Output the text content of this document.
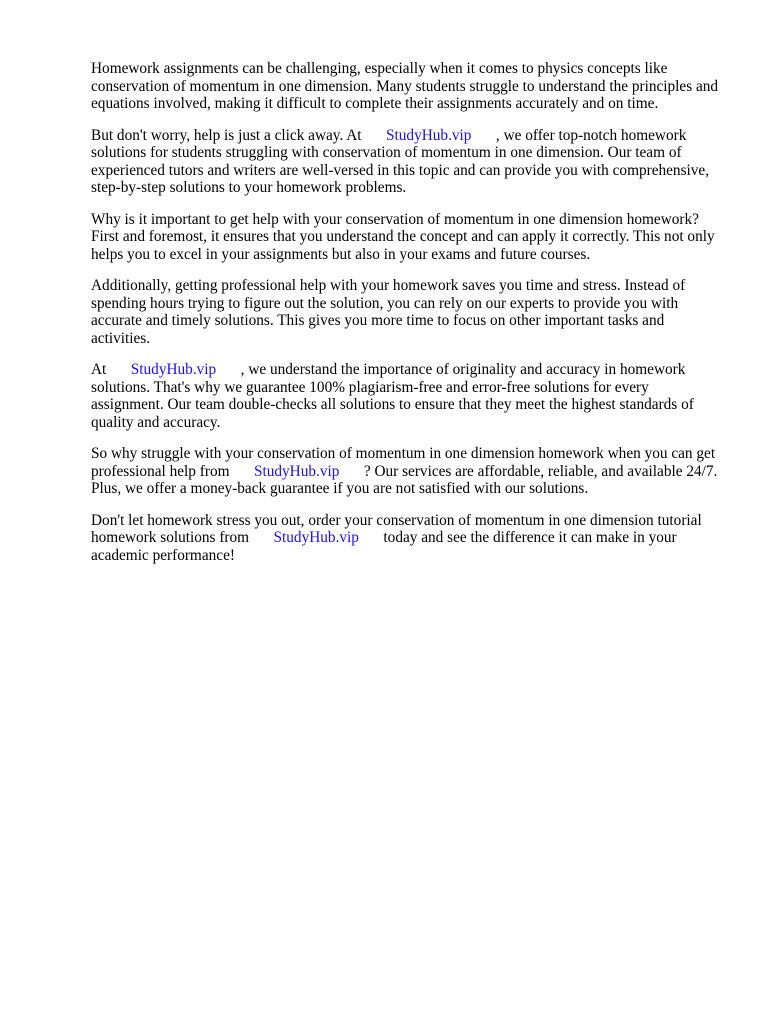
Homework assignments can be challenging, especially when it comes to physics concepts like conservation of momentum in one dimension. Many students struggle to understand the principles and equations involved, making it difficult to complete their assignments accurately and on time.

But don't worry, help is just a click away. At StudyHub.vip , we offer top-notch homework solutions for students struggling with conservation of momentum in one dimension. Our team of experienced tutors and writers are well-versed in this topic and can provide you with comprehensive, step-by-step solutions to your homework problems.

Why is it important to get help with your conservation of momentum in one dimension homework? First and foremost, it ensures that you understand the concept and can apply it correctly. This not only helps you to excel in your assignments but also in your exams and future courses.

Additionally, getting professional help with your homework saves you time and stress. Instead of spending hours trying to figure out the solution, you can rely on our experts to provide you with accurate and timely solutions. This gives you more time to focus on other important tasks and activities.

At StudyHub.vip , we understand the importance of originality and accuracy in homework solutions. That's why we guarantee 100% plagiarism-free and error-free solutions for every assignment. Our team double-checks all solutions to ensure that they meet the highest standards of quality and accuracy.

So why struggle with your conservation of momentum in one dimension homework when you can get professional help from StudyHub.vip ? Our services are affordable, reliable, and available 24/7. Plus, we offer a money-back guarantee if you are not satisfied with our solutions.

Don't let homework stress you out, order your conservation of momentum in one dimension tutorial homework solutions from StudyHub.vip today and see the difference it can make in your academic performance!
